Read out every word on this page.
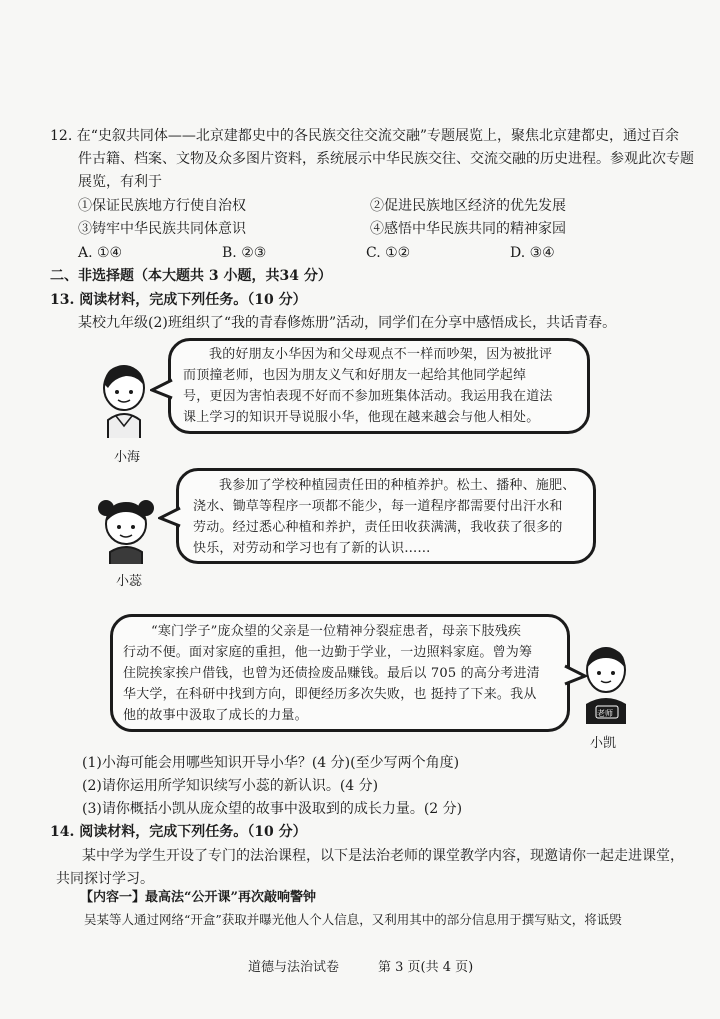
12. 在“史叙共同体——北京建都史中的各民族交往交流交融”专题展览上，聚焦北京建都史，通过百余
件古籍、档案、文物及众多图片资料，系统展示中华民族交往、交流交融的历史进程。参观此次专题
展览，有利于
①保证民族地方行使自治权	②促进民族地区经济的优先发展
③铸牢中华民族共同体意识	④感悟中华民族共同的精神家园
A. ①④	B. ②③	C. ①②	D. ③④
二、非选择题（本大题共 3 小题，共34 分）
13. 阅读材料，完成下列任务。（10 分）
某校九年级(2)班组织了“我的青春修炼册”活动，同学们在分享中感悟成长，共话青春。
我的好朋友小华因为和父母观点不一样而吵架，因为被批评
而顶撞老师，也因为朋友义气和好朋友一起给其他同学起绰
号，更因为害怕表现不好而不参加班集体活动。我运用我在道法
课上学习的知识开导说服小华，他现在越来越会与他人相处。
小海
我参加了学校种植园责任田的种植养护。松土、播种、施肥、
浇水、锄草等程序一项都不能少，每一道程序都需要付出汗水和
劳动。经过悉心种植和养护，责任田收获满满，我收获了很多的
快乐，对劳动和学习也有了新的认识……
小蕊
“寒门学子”庞众望的父亲是一位精神分裂症患者，母亲下肢残疾
行动不便。面对家庭的重担，他一边勤于学业，一边照料家庭。曾为筹
住院挨家挨户借钱，也曾为还债捡废品赚钱。最后以 705 的高分考进清
华大学，在科研中找到方向，即便经历多次失败，也 挺持了下来。我从
他的故事中汲取了成长的力量。	老师
小凯
(1)小海可能会用哪些知识开导小华？(4 分)(至少写两个角度)
(2)请你运用所学知识续写小蕊的新认识。(4 分)
(3)请你概括小凯从庞众望的故事中汲取到的成长力量。(2 分)
14. 阅读材料，完成下列任务。（10 分）
某中学为学生开设了专门的法治课程，以下是法治老师的课堂教学内容，现邀请你一起走进课堂，
共同探讨学习。
【内容一】最高法“公开课”再次敲响警钟
吴某等人通过网络“开盒”获取并曝光他人个人信息，又利用其中的部分信息用于撰写贴文，将诋毁
道德与法治试卷	第 3 页(共 4 页)
